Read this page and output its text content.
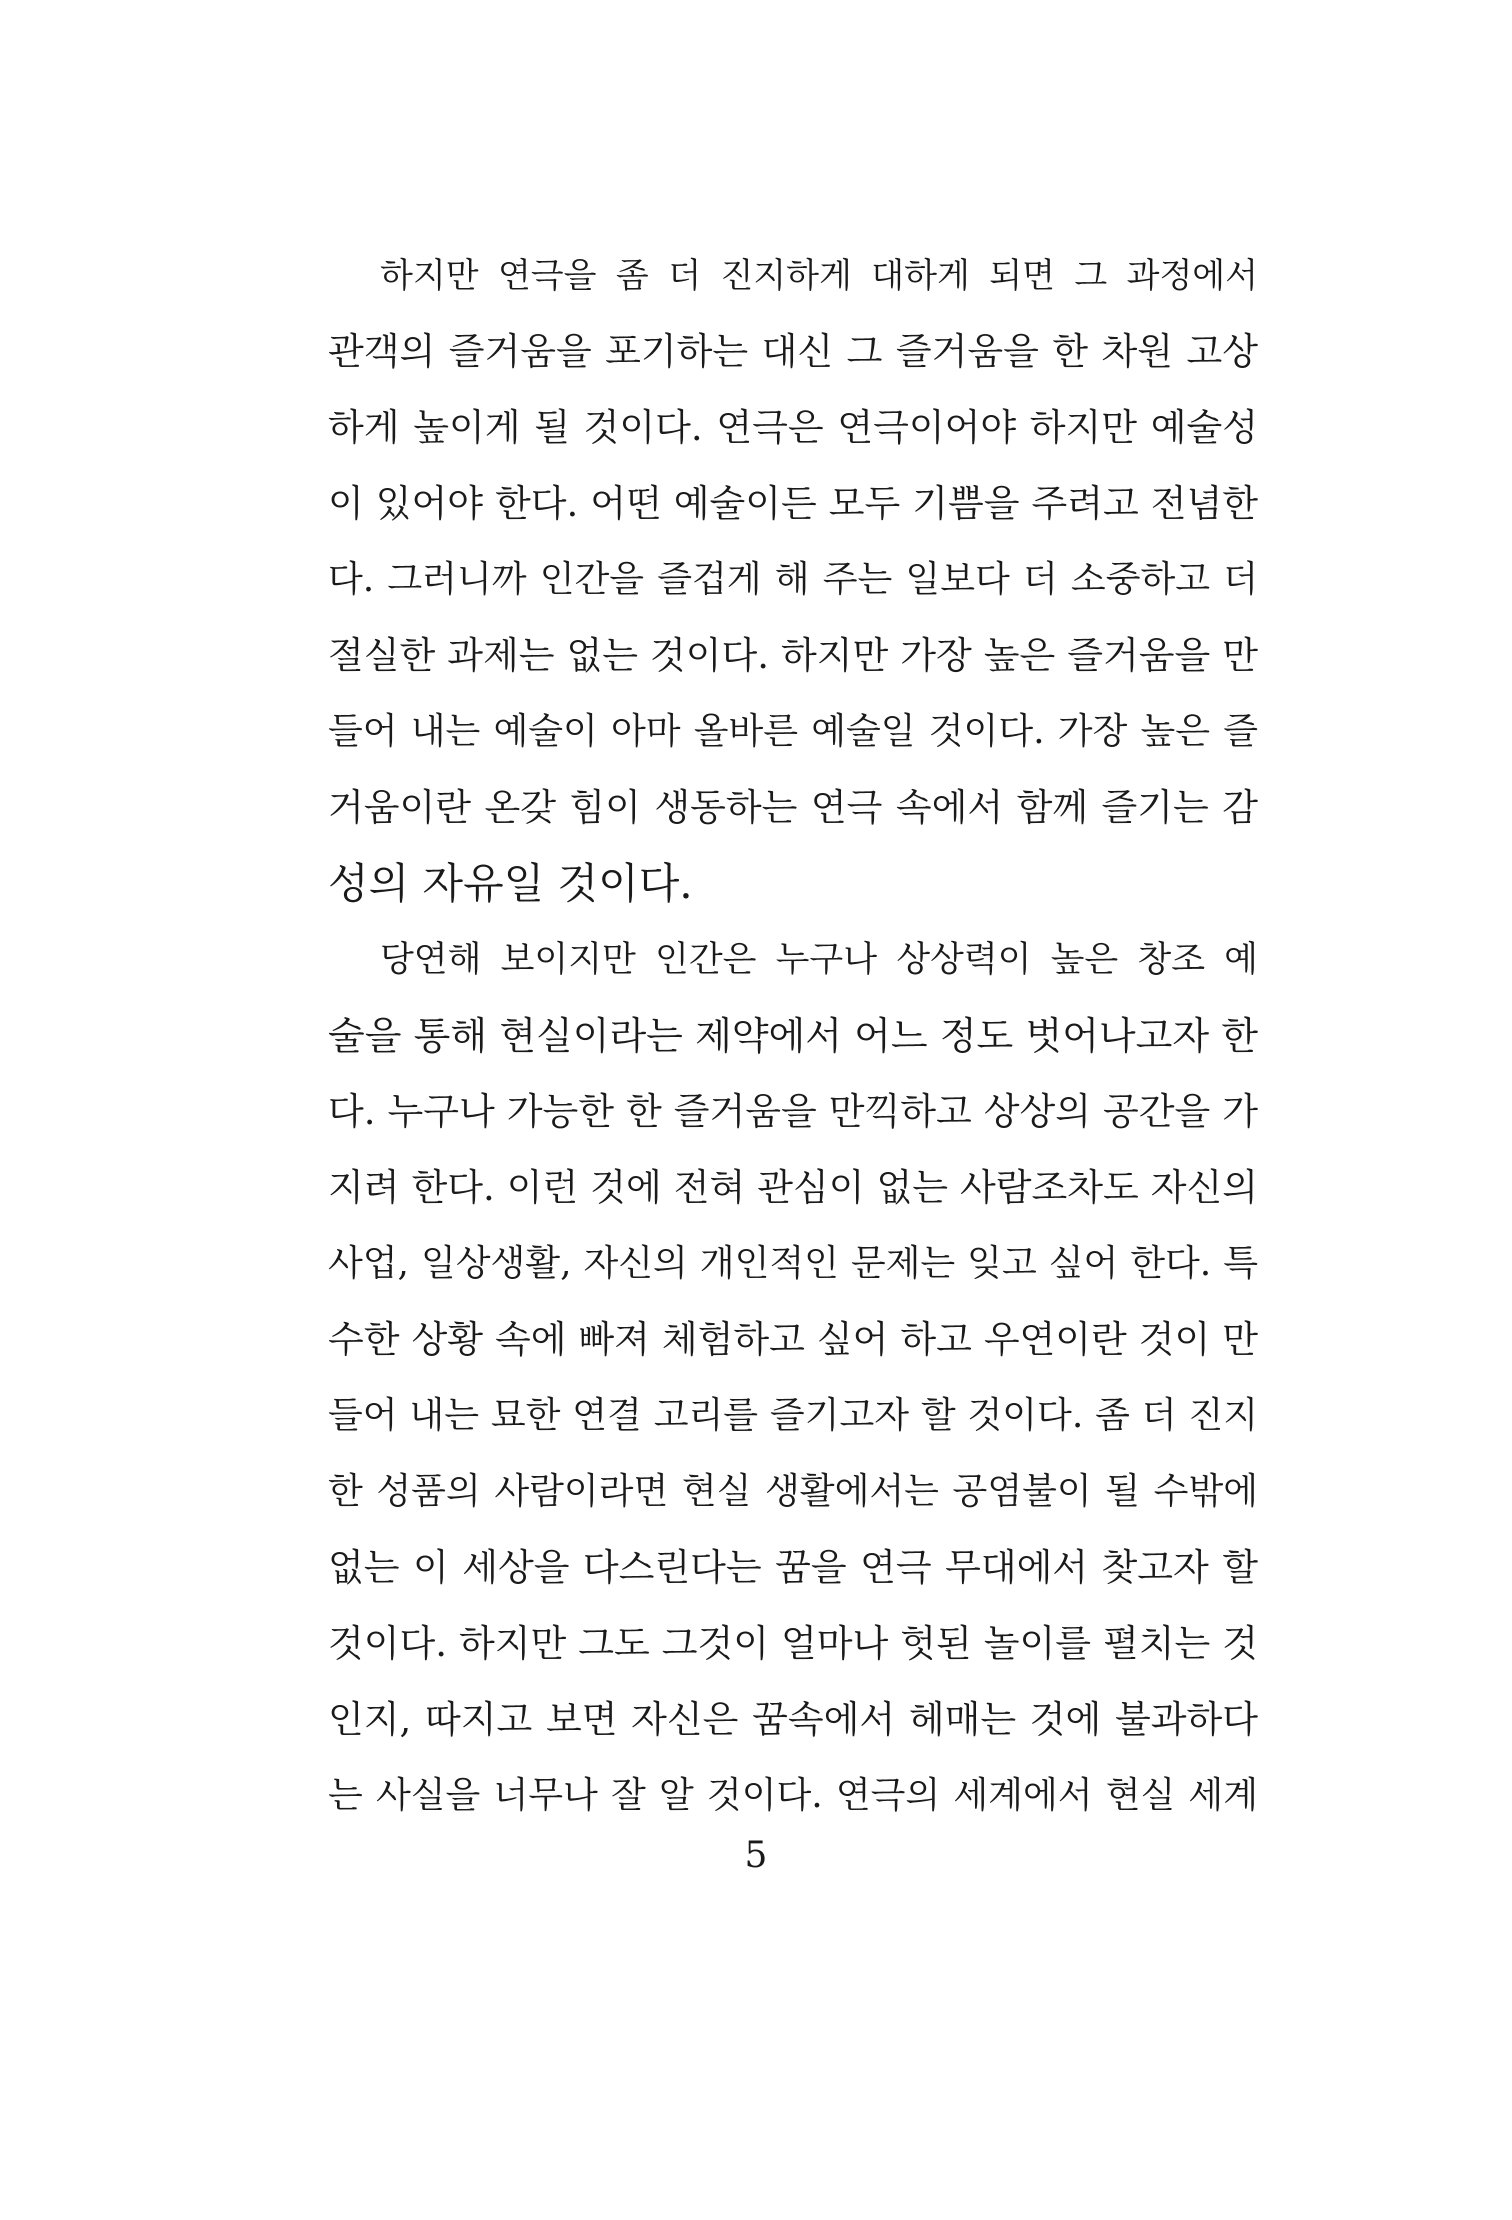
하지만 연극을 좀 더 진지하게 대하게 되면 그 과정에서
관객의 즐거움을 포기하는 대신 그 즐거움을 한 차원 고상
하게 높이게 될 것이다. 연극은 연극이어야 하지만 예술성
이 있어야 한다. 어떤 예술이든 모두 기쁨을 주려고 전념한
다. 그러니까 인간을 즐겁게 해 주는 일보다 더 소중하고 더
절실한 과제는 없는 것이다. 하지만 가장 높은 즐거움을 만
들어 내는 예술이 아마 올바른 예술일 것이다. 가장 높은 즐
거움이란 온갖 힘이 생동하는 연극 속에서 함께 즐기는 감
성의 자유일 것이다.
당연해 보이지만 인간은 누구나 상상력이 높은 창조 예
술을 통해 현실이라는 제약에서 어느 정도 벗어나고자 한
다. 누구나 가능한 한 즐거움을 만끽하고 상상의 공간을 가
지려 한다. 이런 것에 전혀 관심이 없는 사람조차도 자신의
사업, 일상생활, 자신의 개인적인 문제는 잊고 싶어 한다. 특
수한 상황 속에 빠져 체험하고 싶어 하고 우연이란 것이 만
들어 내는 묘한 연결 고리를 즐기고자 할 것이다. 좀 더 진지
한 성품의 사람이라면 현실 생활에서는 공염불이 될 수밖에
없는 이 세상을 다스린다는 꿈을 연극 무대에서 찾고자 할
것이다. 하지만 그도 그것이 얼마나 헛된 놀이를 펼치는 것
인지, 따지고 보면 자신은 꿈속에서 헤매는 것에 불과하다
는 사실을 너무나 잘 알 것이다. 연극의 세계에서 현실 세계
5
